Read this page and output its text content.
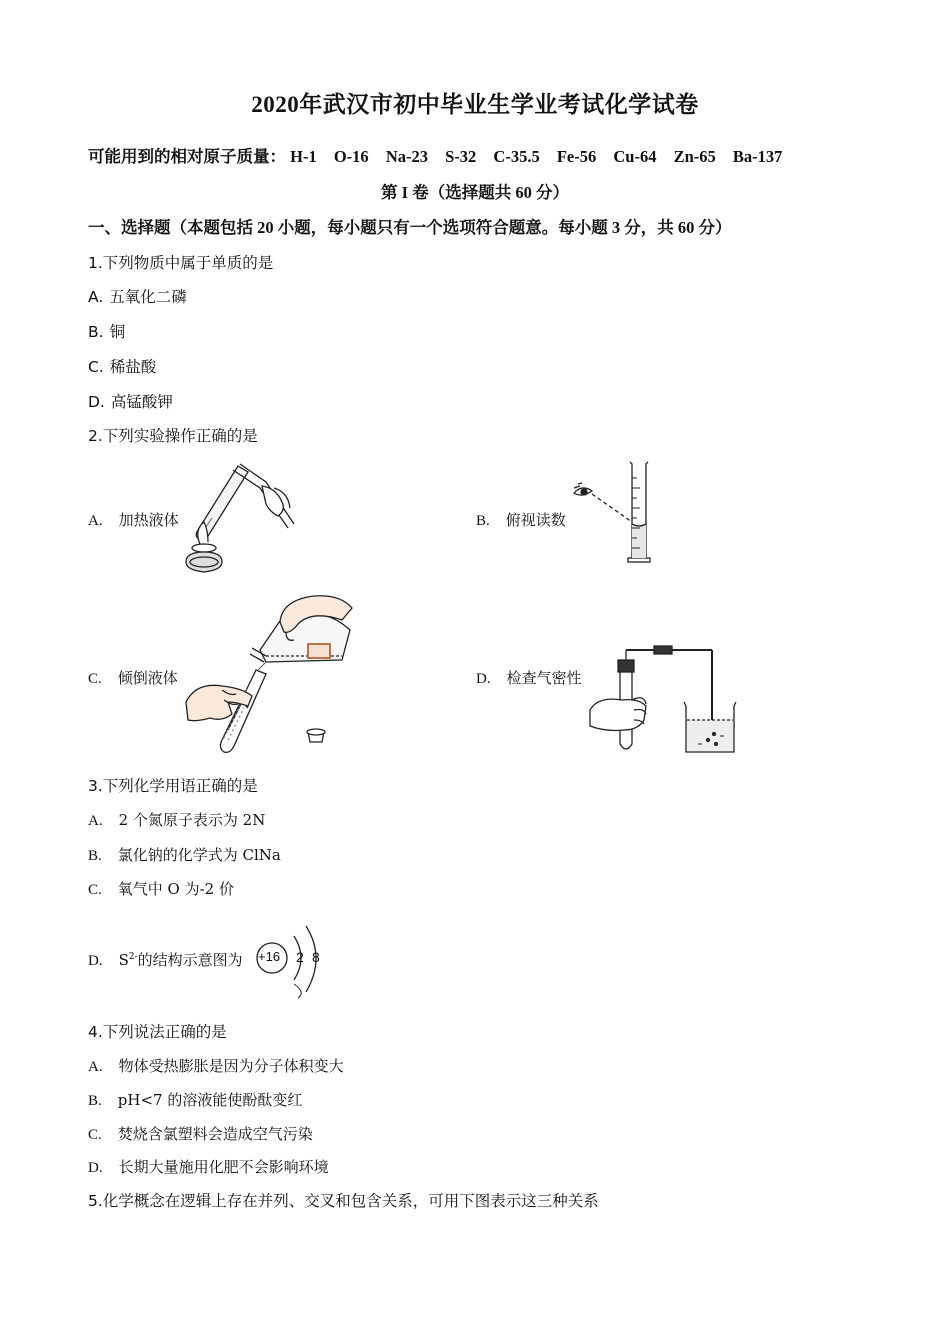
2020年武汉市初中毕业生学业考试化学试卷
可能用到的相对原子质量： H-1 O-16 Na-23 S-32 C-35.5 Fe-56 Cu-64 Zn-65 Ba-137
第 I 卷（选择题共 60 分）
一、选择题（本题包括 20 小题，每小题只有一个选项符合题意。每小题 3 分，共 60 分）
1.下列物质中属于单质的是
A. 五氧化二磷
B. 铜
C. 稀盐酸
D. 高锰酸钾
2.下列实验操作正确的是
A. 加热液体	B. 俯视读数
C. 倾倒液体	D. 检查气密性
3.下列化学用语正确的是
A. 2 个氮原子表示为 2N
B. 氯化钠的化学式为 ClNa
C. 氧气中 O 为-2 价
D. $S^{2-}$的结构示意图为 +16 2 8
4.下列说法正确的是
A. 物体受热膨胀是因为分子体积变大
B. pH<7 的溶液能使酚酞变红
C. 焚烧含氯塑料会造成空气污染
D. 长期大量施用化肥不会影响环境
5.化学概念在逻辑上存在并列、交叉和包含关系，可用下图表示这三种关系
